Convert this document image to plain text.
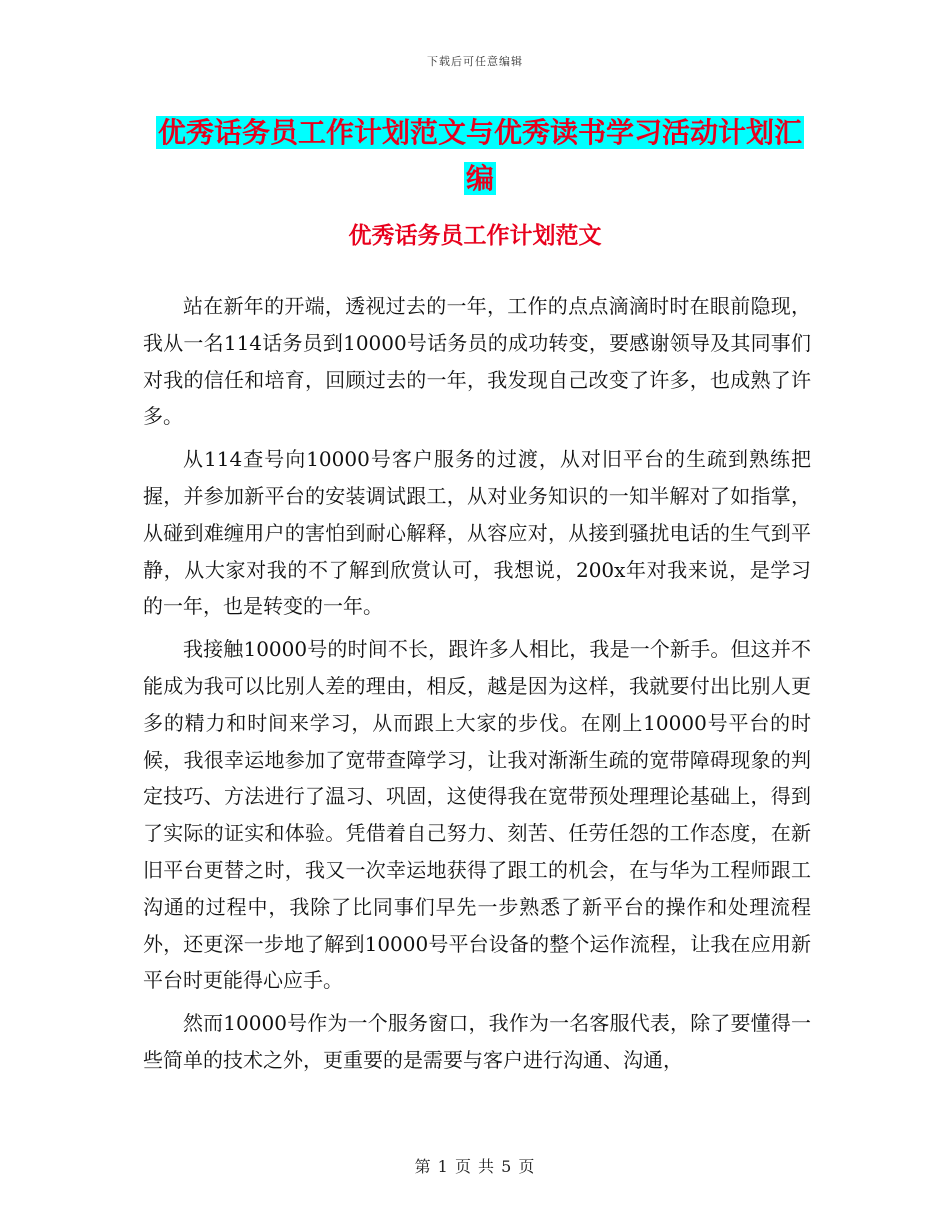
下载后可任意编辑
优秀话务员工作计划范文与优秀读书学习活动计划汇编
优秀话务员工作计划范文

站在新年的开端，透视过去的一年，工作的点点滴滴时时在眼前隐现，我从一名114话务员到10000号话务员的成功转变，要感谢领导及其同事们对我的信任和培育，回顾过去的一年，我发现自己改变了许多，也成熟了许多。

从114查号向10000号客户服务的过渡，从对旧平台的生疏到熟练把握，并参加新平台的安装调试跟工，从对业务知识的一知半解对了如指掌，从碰到难缠用户的害怕到耐心解释，从容应对，从接到骚扰电话的生气到平静，从大家对我的不了解到欣赏认可，我想说，200x年对我来说，是学习的一年，也是转变的一年。

我接触10000号的时间不长，跟许多人相比，我是一个新手。但这并不能成为我可以比别人差的理由，相反，越是因为这样，我就要付出比别人更多的精力和时间来学习，从而跟上大家的步伐。在刚上10000号平台的时候，我很幸运地参加了宽带查障学习，让我对渐渐生疏的宽带障碍现象的判定技巧、方法进行了温习、巩固，这使得我在宽带预处理理论基础上，得到了实际的证实和体验。凭借着自己努力、刻苦、任劳任怨的工作态度，在新旧平台更替之时，我又一次幸运地获得了跟工的机会，在与华为工程师跟工沟通的过程中，我除了比同事们早先一步熟悉了新平台的操作和处理流程外，还更深一步地了解到10000号平台设备的整个运作流程，让我在应用新平台时更能得心应手。

然而10000号作为一个服务窗口，我作为一名客服代表，除了要懂得一些简单的技术之外，更重要的是需要与客户进行沟通、沟通，

第 1 页 共 5 页
